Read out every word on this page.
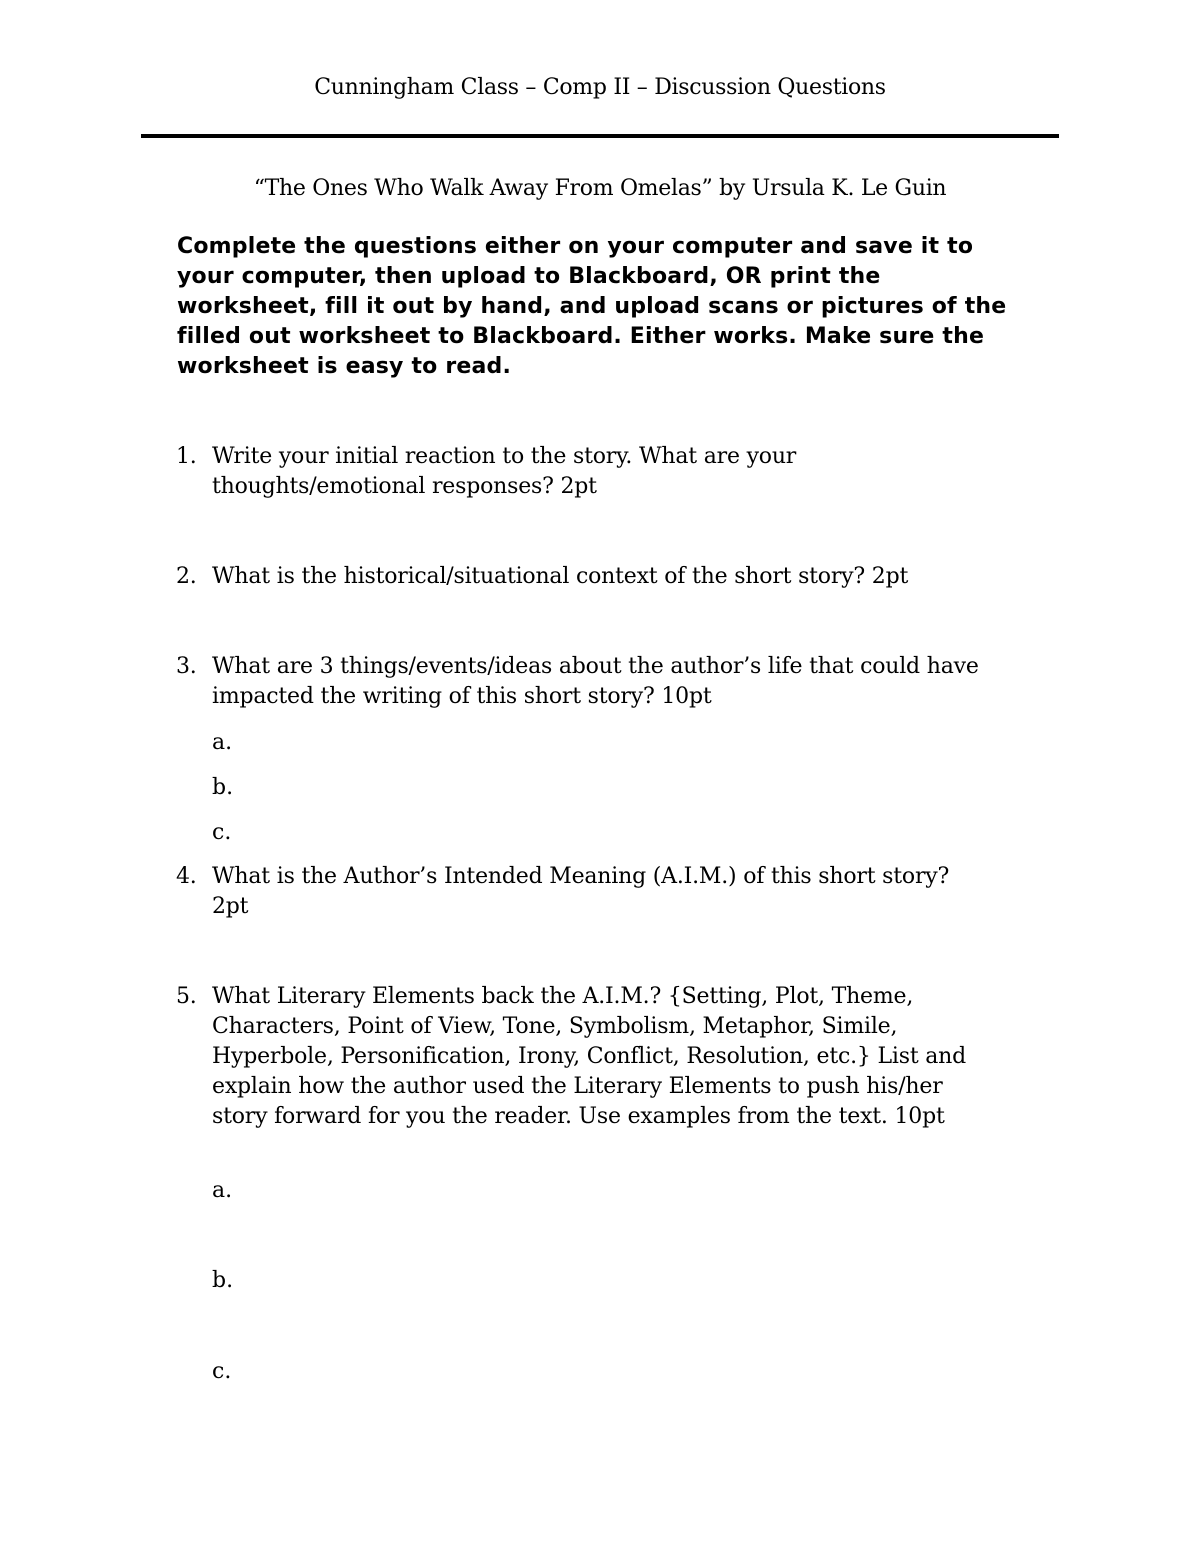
Cunningham Class – Comp II – Discussion Questions
“The Ones Who Walk Away From Omelas” by Ursula K. Le Guin
Complete the questions either on your computer and save it to
your computer, then upload to Blackboard, OR print the
worksheet, fill it out by hand, and upload scans or pictures of the
filled out worksheet to Blackboard. Either works. Make sure the
worksheet is easy to read.
1. Write your initial reaction to the story. What are your
thoughts/emotional responses? 2pt
2. What is the historical/situational context of the short story? 2pt
3. What are 3 things/events/ideas about the author’s life that could have
impacted the writing of this short story? 10pt
a.
b.
c.
4. What is the Author’s Intended Meaning (A.I.M.) of this short story?
2pt
5. What Literary Elements back the A.I.M.? {Setting, Plot, Theme,
Characters, Point of View, Tone, Symbolism, Metaphor, Simile,
Hyperbole, Personification, Irony, Conflict, Resolution, etc.} List and
explain how the author used the Literary Elements to push his/her
story forward for you the reader. Use examples from the text. 10pt
a.
b.
c.
